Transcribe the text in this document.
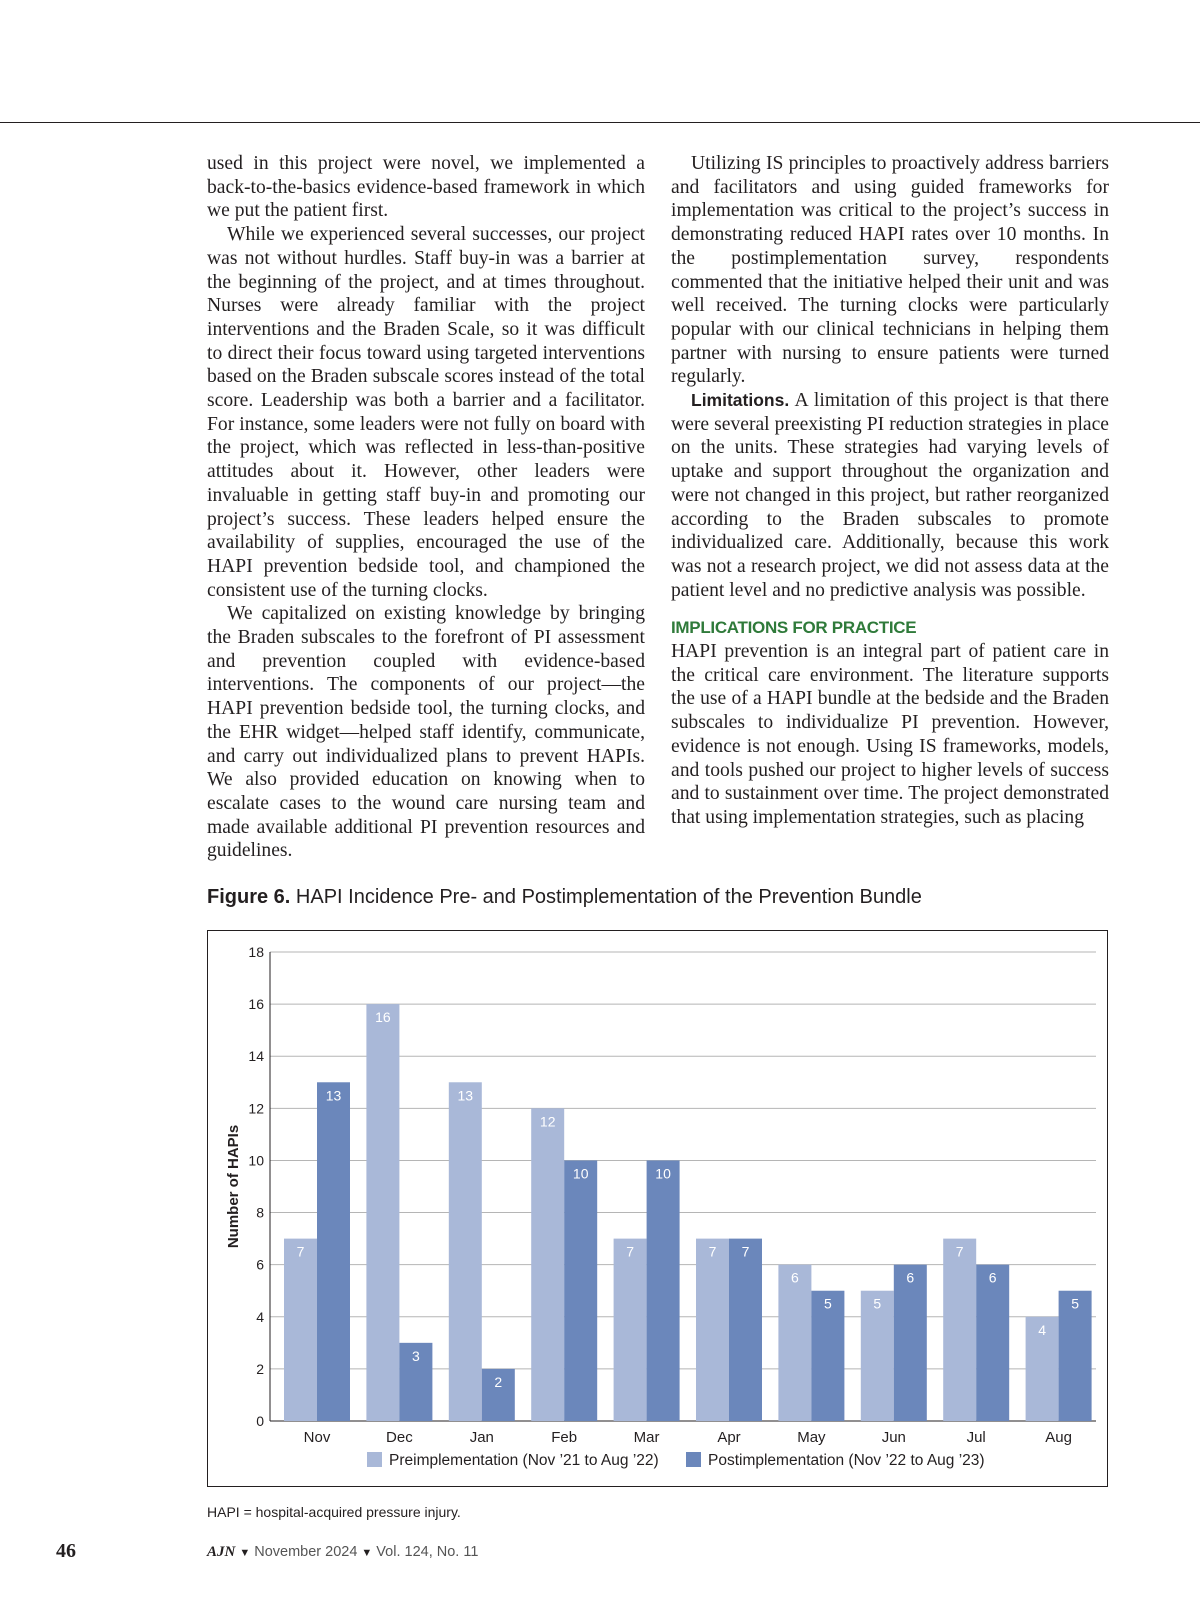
used in this project were novel, we implemented a back-to-the-basics evidence-based framework in which we put the patient first.

While we experienced several successes, our project was not without hurdles. Staff buy-in was a barrier at the beginning of the project, and at times throughout. Nurses were already familiar with the project interventions and the Braden Scale, so it was difficult to direct their focus toward using targeted interventions based on the Braden subscale scores instead of the total score. Leadership was both a barrier and a facilitator. For instance, some leaders were not fully on board with the project, which was reflected in less-than-positive attitudes about it. However, other leaders were invaluable in getting staff buy-in and promoting our project’s success. These leaders helped ensure the availability of supplies, encouraged the use of the HAPI prevention bedside tool, and championed the consistent use of the turning clocks.

We capitalized on existing knowledge by bringing the Braden subscales to the forefront of PI assessment and prevention coupled with evidence-based interventions. The components of our project—the HAPI prevention bedside tool, the turning clocks, and the EHR widget—helped staff identify, communicate, and carry out individualized plans to prevent HAPIs. We also provided education on knowing when to escalate cases to the wound care nursing team and made available additional PI prevention resources and guidelines.

Utilizing IS principles to proactively address barriers and facilitators and using guided frameworks for implementation was critical to the project’s success in demonstrating reduced HAPI rates over 10 months. In the postimplementation survey, respondents commented that the initiative helped their unit and was well received. The turning clocks were particularly popular with our clinical technicians in helping them partner with nursing to ensure patients were turned regularly.

Limitations. A limitation of this project is that there were several preexisting PI reduction strategies in place on the units. These strategies had varying levels of uptake and support throughout the organization and were not changed in this project, but rather reorganized according to the Braden subscales to promote individualized care. Additionally, because this work was not a research project, we did not assess data at the patient level and no predictive analysis was possible.

IMPLICATIONS FOR PRACTICE

HAPI prevention is an integral part of patient care in the critical care environment. The literature supports the use of a HAPI bundle at the bedside and the Braden subscales to individualize PI prevention. However, evidence is not enough. Using IS frameworks, models, and tools pushed our project to higher levels of success and to sustainment over time. The project demonstrated that using implementation strategies, such as placing

Figure 6. HAPI Incidence Pre- and Postimplementation of the Prevention Bundle
0
2
4
6
8
10
12
14
16
18
Number of HAPIs
7
13
Nov
16
3
Dec
13
2
Jan
12
10
Feb
7
10
Mar
7 7
Apr
6
5
May
5
6
Jun
7
6
Jul
4
5
Aug
Preimplementation (Nov ’21 to Aug ’22)	Postimplementation (Nov ’22 to Aug ’23)
HAPI = hospital-acquired pressure injury.
46	AJN ▼ November 2024 ▼ Vol. 124, No. 11
